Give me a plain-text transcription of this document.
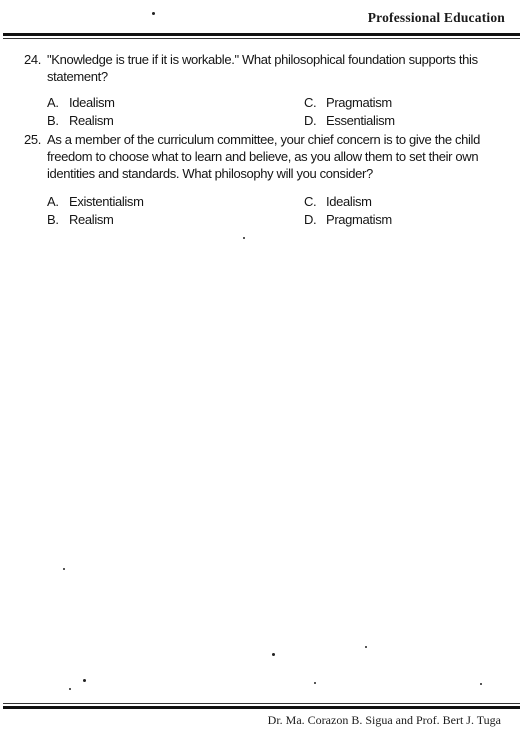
Professional Education
24. "Knowledge is true if it is workable." What philosophical foundation supports this statement?
A. Idealism
B. Realism
C. Pragmatism
D. Essentialism
25. As a member of the curriculum committee, your chief concern is to give the child freedom to choose what to learn and believe, as you allow them to set their own identities and standards. What philosophy will you consider?
A. Existentialism
B. Realism
C. Idealism
D. Pragmatism
Dr. Ma. Corazon B. Sigua and Prof. Bert J. Tuga
